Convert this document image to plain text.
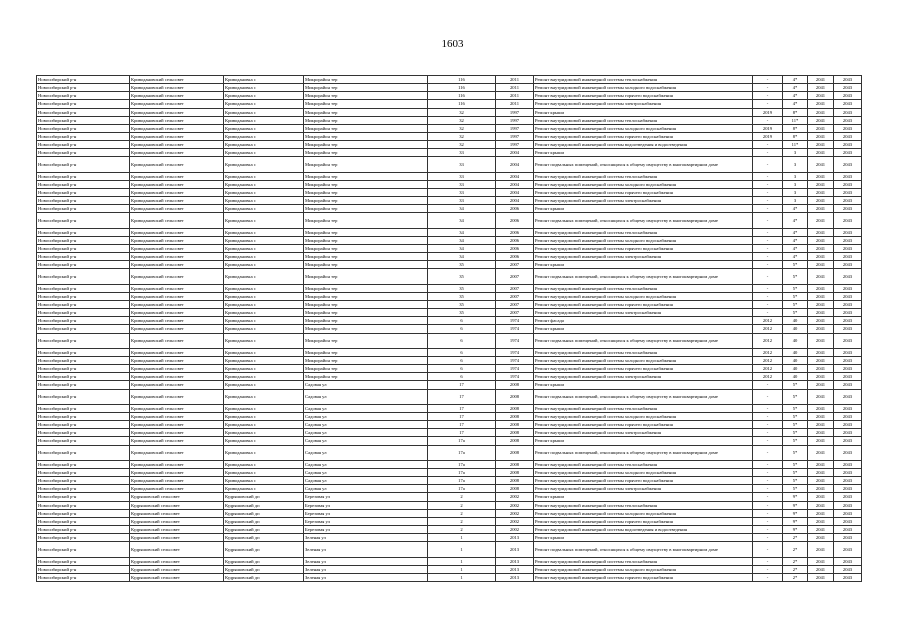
1603
Новосибирский р-н	Криводановский сельсовет	Криводановка с	Микрорайон тер	116	2011	Ремонт внутридомовой инженерной системы теплоснабжения	-	4*	2041	2043
Новосибирский р-н	Криводановский сельсовет	Криводановка с	Микрорайон тер	116	2011	Ремонт внутридомовой инженерной системы холодного водоснабжения	-	4*	2041	2043
Новосибирский р-н	Криводановский сельсовет	Криводановка с	Микрорайон тер	116	2011	Ремонт внутридомовой инженерной системы горячего водоснабжения	-	4*	2041	2043
Новосибирский р-н	Криводановский сельсовет	Криводановка с	Микрорайон тер	116	2011	Ремонт внутридомовой инженерной системы электроснабжения	-	4*	2041	2043
Новосибирский р-н	Криводановский сельсовет	Криводановка с	Микрорайон тер	32	1997	Ремонт крыши	2019	8*	2041	2043
Новосибирский р-н	Криводановский сельсовет	Криводановка с	Микрорайон тер	32	1997	Ремонт внутридомовой инженерной системы теплоснабжения	-	11*	2041	2043
Новосибирский р-н	Криводановский сельсовет	Криводановка с	Микрорайон тер	32	1997	Ремонт внутридомовой инженерной системы холодного водоснабжения	2019	8*	2041	2043
Новосибирский р-н	Криводановский сельсовет	Криводановка с	Микрорайон тер	32	1997	Ремонт внутридомовой инженерной системы горячего водоснабжения	2019	8*	2041	2043
Новосибирский р-н	Криводановский сельсовет	Криводановка с	Микрорайон тер	32	1997	Ремонт внутридомовой инженерной системы водоотведения и водоотведения	-	11*	2041	2043
Новосибирский р-н	Криводановский сельсовет	Криводановка с	Микрорайон тер	33	2004	Ремонт крыши	-	3	2041	2043
Новосибирский р-н	Криводановский сельсовет	Криводановка с	Микрорайон тер	33	2004	Ремонт подвальных помещений, относящихся к общему имуществу в многоквартирном доме	-	3	2041	2043
Новосибирский р-н	Криводановский сельсовет	Криводановка с	Микрорайон тер	33	2004	Ремонт внутридомовой инженерной системы теплоснабжения	-	3	2041	2043
Новосибирский р-н	Криводановский сельсовет	Криводановка с	Микрорайон тер	33	2004	Ремонт внутридомовой инженерной системы холодного водоснабжения	-	3	2041	2043
Новосибирский р-н	Криводановский сельсовет	Криводановка с	Микрорайон тер	33	2004	Ремонт внутридомовой инженерной системы горячего водоснабжения	-	3	2041	2043
Новосибирский р-н	Криводановский сельсовет	Криводановка с	Микрорайон тер	33	2004	Ремонт внутридомовой инженерной системы электроснабжения	-	3	2041	2043
Новосибирский р-н	Криводановский сельсовет	Криводановка с	Микрорайон тер	34	2006	Ремонт крыши	-	4*	2041	2043
Новосибирский р-н	Криводановский сельсовет	Криводановка с	Микрорайон тер	34	2006	Ремонт подвальных помещений, относящихся к общему имуществу в многоквартирном доме	-	4*	2041	2043
Новосибирский р-н	Криводановский сельсовет	Криводановка с	Микрорайон тер	34	2006	Ремонт внутридомовой инженерной системы теплоснабжения	-	4*	2041	2043
Новосибирский р-н	Криводановский сельсовет	Криводановка с	Микрорайон тер	34	2006	Ремонт внутридомовой инженерной системы холодного водоснабжения	-	4*	2041	2043
Новосибирский р-н	Криводановский сельсовет	Криводановка с	Микрорайон тер	34	2006	Ремонт внутридомовой инженерной системы горячего водоснабжения	-	4*	2041	2043
Новосибирский р-н	Криводановский сельсовет	Криводановка с	Микрорайон тер	34	2006	Ремонт внутридомовой инженерной системы электроснабжения	-	4*	2041	2043
Новосибирский р-н	Криводановский сельсовет	Криводановка с	Микрорайон тер	35	2007	Ремонт крыши	-	5*	2041	2043
Новосибирский р-н	Криводановский сельсовет	Криводановка с	Микрорайон тер	35	2007	Ремонт подвальных помещений, относящихся к общему имуществу в многоквартирном доме	-	5*	2041	2043
Новосибирский р-н	Криводановский сельсовет	Криводановка с	Микрорайон тер	35	2007	Ремонт внутридомовой инженерной системы теплоснабжения	-	5*	2041	2043
Новосибирский р-н	Криводановский сельсовет	Криводановка с	Микрорайон тер	35	2007	Ремонт внутридомовой инженерной системы холодного водоснабжения	-	5*	2041	2043
Новосибирский р-н	Криводановский сельсовет	Криводановка с	Микрорайон тер	35	2007	Ремонт внутридомовой инженерной системы горячего водоснабжения	-	5*	2041	2043
Новосибирский р-н	Криводановский сельсовет	Криводановка с	Микрорайон тер	35	2007	Ремонт внутридомовой инженерной системы электроснабжения	-	5*	2041	2043
Новосибирский р-н	Криводановский сельсовет	Криводановка с	Микрорайон тер	6	1974	Ремонт фасада	2012	40	2041	2043
Новосибирский р-н	Криводановский сельсовет	Криводановка с	Микрорайон тер	6	1974	Ремонт крыши	2012	40	2041	2043
Новосибирский р-н	Криводановский сельсовет	Криводановка с	Микрорайон тер	6	1974	Ремонт подвальных помещений, относящихся к общему имуществу в многоквартирном доме	2012	40	2041	2043
Новосибирский р-н	Криводановский сельсовет	Криводановка с	Микрорайон тер	6	1974	Ремонт внутридомовой инженерной системы теплоснабжения	2012	40	2041	2043
Новосибирский р-н	Криводановский сельсовет	Криводановка с	Микрорайон тер	6	1974	Ремонт внутридомовой инженерной системы холодного водоснабжения	2012	40	2041	2043
Новосибирский р-н	Криводановский сельсовет	Криводановка с	Микрорайон тер	6	1974	Ремонт внутридомовой инженерной системы горячего водоснабжения	2012	40	2041	2043
Новосибирский р-н	Криводановский сельсовет	Криводановка с	Микрорайон тер	6	1974	Ремонт внутридомовой инженерной системы электроснабжения	2012	40	2041	2043
Новосибирский р-н	Криводановский сельсовет	Криводановка с	Садовая ул	17	2008	Ремонт крыши	-	5*	2041	2043
Новосибирский р-н	Криводановский сельсовет	Криводановка с	Садовая ул	17	2008	Ремонт подвальных помещений, относящихся к общему имуществу в многоквартирном доме	-	5*	2041	2043
Новосибирский р-н	Криводановский сельсовет	Криводановка с	Садовая ул	17	2008	Ремонт внутридомовой инженерной системы теплоснабжения	-	5*	2041	2043
Новосибирский р-н	Криводановский сельсовет	Криводановка с	Садовая ул	17	2008	Ремонт внутридомовой инженерной системы холодного водоснабжения	-	5*	2041	2043
Новосибирский р-н	Криводановский сельсовет	Криводановка с	Садовая ул	17	2008	Ремонт внутридомовой инженерной системы горячего водоснабжения	-	5*	2041	2043
Новосибирский р-н	Криводановский сельсовет	Криводановка с	Садовая ул	17	2008	Ремонт внутридомовой инженерной системы электроснабжения	-	5*	2041	2043
Новосибирский р-н	Криводановский сельсовет	Криводановка с	Садовая ул	17а	2008	Ремонт крыши	-	5*	2041	2043
Новосибирский р-н	Криводановский сельсовет	Криводановка с	Садовая ул	17а	2008	Ремонт подвальных помещений, относящихся к общему имуществу в многоквартирном доме	-	5*	2041	2043
Новосибирский р-н	Криводановский сельсовет	Криводановка с	Садовая ул	17а	2008	Ремонт внутридомовой инженерной системы теплоснабжения	-	5*	2041	2043
Новосибирский р-н	Криводановский сельсовет	Криводановка с	Садовая ул	17а	2008	Ремонт внутридомовой инженерной системы холодного водоснабжения	-	5*	2041	2043
Новосибирский р-н	Криводановский сельсовет	Криводановка с	Садовая ул	17а	2008	Ремонт внутридомовой инженерной системы горячего водоснабжения	-	5*	2041	2043
Новосибирский р-н	Криводановский сельсовет	Криводановка с	Садовая ул	17а	2008	Ремонт внутридомовой инженерной системы электроснабжения	-	5*	2041	2043
Новосибирский р-н	Кудряшовский сельсовет	Кудряшовский дп	Березовая ул	2	2002	Ремонт крыши	-	9*	2041	2043
Новосибирский р-н	Кудряшовский сельсовет	Кудряшовский дп	Березовая ул	2	2002	Ремонт внутридомовой инженерной системы теплоснабжения	-	9*	2041	2043
Новосибирский р-н	Кудряшовский сельсовет	Кудряшовский дп	Березовая ул	2	2002	Ремонт внутридомовой инженерной системы холодного водоснабжения	-	9*	2041	2043
Новосибирский р-н	Кудряшовский сельсовет	Кудряшовский дп	Березовая ул	2	2002	Ремонт внутридомовой инженерной системы горячего водоснабжения	-	9*	2041	2043
Новосибирский р-н	Кудряшовский сельсовет	Кудряшовский дп	Березовая ул	2	2002	Ремонт внутридомовой инженерной системы водоотведения и водоотведения	-	9*	2041	2043
Новосибирский р-н	Кудряшовский сельсовет	Кудряшовский дп	Зеленая ул	1	2013	Ремонт крыши	-	2*	2041	2043
Новосибирский р-н	Кудряшовский сельсовет	Кудряшовский дп	Зеленая ул	1	2013	Ремонт подвальных помещений, относящихся к общему имуществу в многоквартирном доме	-	2*	2041	2043
Новосибирский р-н	Кудряшовский сельсовет	Кудряшовский дп	Зеленая ул	1	2013	Ремонт внутридомовой инженерной системы теплоснабжения	-	2*	2041	2043
Новосибирский р-н	Кудряшовский сельсовет	Кудряшовский дп	Зеленая ул	1	2013	Ремонт внутридомовой инженерной системы холодного водоснабжения	-	2*	2041	2043
Новосибирский р-н	Кудряшовский сельсовет	Кудряшовский дп	Зеленая ул	1	2013	Ремонт внутридомовой инженерной системы горячего водоснабжения	-	2*	2041	2043
